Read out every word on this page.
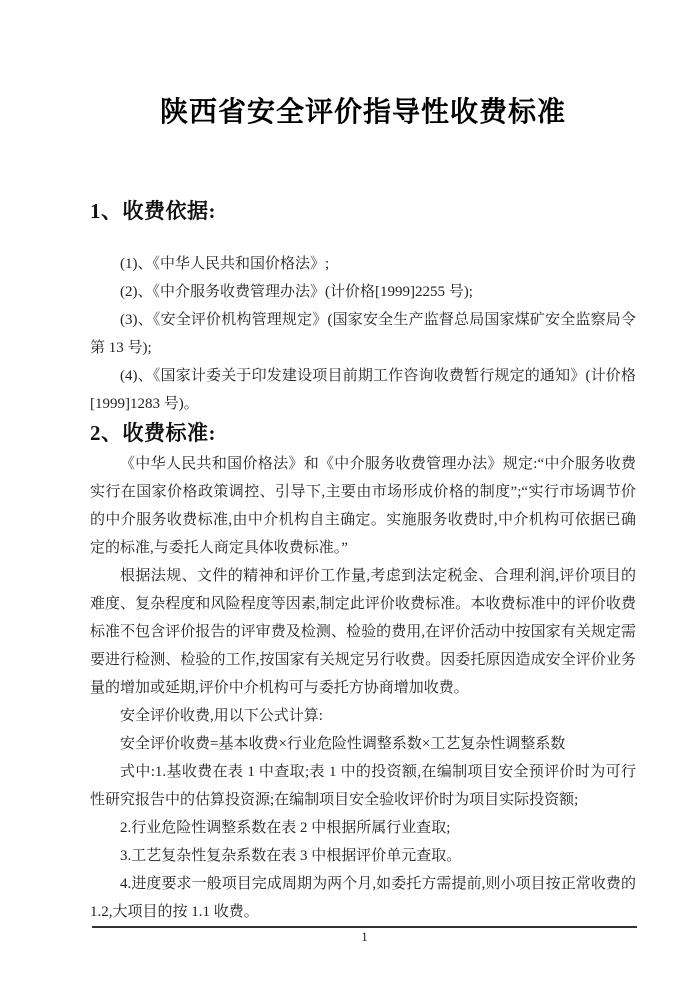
陕西省安全评价指导性收费标准
1、收费依据:

(1)、《中华人民共和国价格法》;

(2)、《中介服务收费管理办法》(计价格[1999]2255 号);

(3)、《安全评价机构管理规定》(国家安全生产监督总局国家煤矿安全监察局令第 13 号);

(4)、《国家计委关于印发建设项目前期工作咨询收费暂行规定的通知》(计价格[1999]1283 号)。

2、收费标准:

《中华人民共和国价格法》和《中介服务收费管理办法》规定:“中介服务收费实行在国家价格政策调控、引导下,主要由市场形成价格的制度”;“实行市场调节价的中介服务收费标准,由中介机构自主确定。实施服务收费时,中介机构可依据已确定的标准,与委托人商定具体收费标准。”

根据法规、文件的精神和评价工作量,考虑到法定税金、合理利润,评价项目的难度、复杂程度和风险程度等因素,制定此评价收费标准。本收费标准中的评价收费标准不包含评价报告的评审费及检测、检验的费用,在评价活动中按国家有关规定需要进行检测、检验的工作,按国家有关规定另行收费。因委托原因造成安全评价业务量的增加或延期,评价中介机构可与委托方协商增加收费。

安全评价收费,用以下公式计算:

安全评价收费=基本收费×行业危险性调整系数×工艺复杂性调整系数

式中:1.基收费在表 1 中查取;表 1 中的投资额,在编制项目安全预评价时为可行性研究报告中的估算投资源;在编制项目安全验收评价时为项目实际投资额;

2.行业危险性调整系数在表 2 中根据所属行业查取;

3.工艺复杂性复杂系数在表 3 中根据评价单元查取。

4.进度要求一般项目完成周期为两个月,如委托方需提前,则小项目按正常收费的 1.2,大项目的按 1.1 收费。

1
